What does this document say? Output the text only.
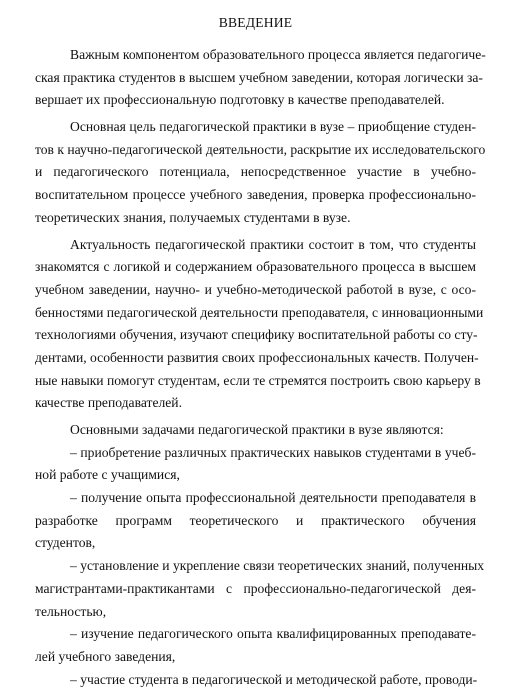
ВВЕДЕНИЕ
Важным компонентом образовательного процесса является педагогиче-
ская практика студентов в высшем учебном заведении, которая логически за-
вершает их профессиональную подготовку в качестве преподавателей.
Основная цель педагогической практики в вузе – приобщение студен-
тов к научно-педагогической деятельности, раскрытие их исследовательского
и педагогического потенциала, непосредственное участие в учебно-
воспитательном процессе учебного заведения, проверка профессионально-
теоретических знания, получаемых студентами в вузе.
Актуальность педагогической практики состоит в том, что студенты
знакомятся с логикой и содержанием образовательного процесса в высшем
учебном заведении, научно- и учебно-методической работой в вузе, с осо-
бенностями педагогической деятельности преподавателя, с инновационными
технологиями обучения, изучают специфику воспитательной работы со сту-
дентами, особенности развития своих профессиональных качеств. Получен-
ные навыки помогут студентам, если те стремятся построить свою карьеру в
качестве преподавателей.
Основными задачами педагогической практики в вузе являются:
– приобретение различных практических навыков студентами в учеб-
ной работе с учащимися,
– получение опыта профессиональной деятельности преподавателя в
разработке программ теоретического и практического обучения
студентов,
– установление и укрепление связи теоретических знаний, полученных
магистрантами-практикантами с профессионально-педагогической дея-
тельностью,
– изучение педагогического опыта квалифицированных преподавате-
лей учебного заведения,
– участие студента в педагогической и методической работе, проводи-
